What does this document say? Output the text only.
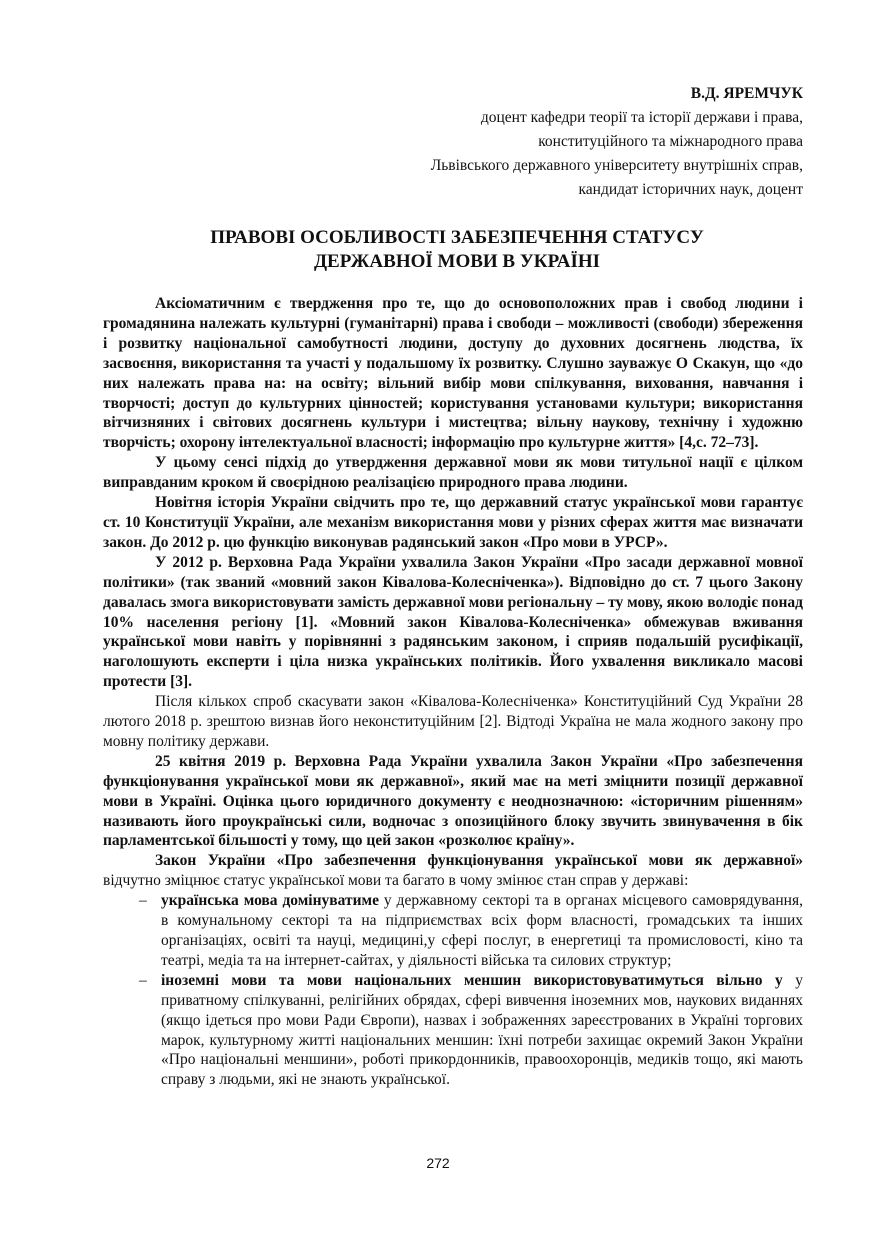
В.Д. ЯРЕМЧУК
доцент кафедри теорії та історії держави і права,
конституційного та міжнародного права
Львівського державного університету внутрішніх справ,
кандидат історичних наук, доцент
ПРАВОВІ ОСОБЛИВОСТІ ЗАБЕЗПЕЧЕННЯ СТАТУСУ
ДЕРЖАВНОЇ МОВИ В УКРАЇНІ

Аксіоматичним є твердження про те, що до основоположних прав і свобод людини і громадянина належать культурні (гуманітарні) права і свободи – можливості (свободи) збереження і розвитку національної самобутності людини, доступу до духовних досягнень людства, їх засвоєння, використання та участі у подальшому їх розвитку. Слушно зауважує О Скакун, що «до них належать права на: на освіту; вільний вибір мови спілкування, виховання, навчання і творчості; доступ до культурних цінностей; користування установами культури; використання вітчизняних і світових досягнень культури і мистецтва; вільну наукову, технічну і художню творчість; охорону інтелектуальної власності; інформацію про культурне життя» [4,с. 72–73].

У цьому сенсі підхід до утвердження державної мови як мови титульної нації є цілком виправданим кроком й своєрідною реалізацією природного права людини.

Новітня історія України свідчить про те, що державний статус української мови гарантує ст. 10 Конституції України, але механізм використання мови у різних сферах життя має визначати закон. До 2012 р. цю функцію виконував радянський закон «Про мови в УРСР».

У 2012 р. Верховна Рада України ухвалила Закон України «Про засади державної мовної політики» (так званий «мовний закон Ківалова-Колесніченка»). Відповідно до ст. 7 цього Закону давалась змога використовувати замість державної мови регіональну – ту мову, якою володіє понад 10% населення регіону [1]. «Мовний закон Ківалова-Колесніченка» обмежував вживання української мови навіть у порівнянні з радянським законом, і сприяв подальшій русифікації, наголошують експерти і ціла низка українських політиків. Його ухвалення викликало масові протести [3].

Після кількох спроб скасувати закон «Ківалова-Колесніченка» Конституційний Суд України 28 лютого 2018 р. зрештою визнав його неконституційним [2]. Відтоді Україна не мала жодного закону про мовну політику держави.

25 квітня 2019 р. Верховна Рада України ухвалила Закон України «Про забезпечення функціонування української мови як державної», який має на меті зміцнити позиції державної мови в Україні. Оцінка цього юридичного документу є неоднозначною: «історичним рішенням» називають його проукраїнські сили, водночас з опозиційного блоку звучить звинувачення в бік парламентської більшості у тому, що цей закон «розколює країну».

Закон України «Про забезпечення функціонування української мови як державної» відчутно зміцнює статус української мови та багато в чому змінює стан справ у державі:

– українська мова домінуватиме у державному секторі та в органах місцевого самоврядування, в комунальному секторі та на підприємствах всіх форм власності, громадських та інших організаціях, освіті та науці, медицині,у сфері послуг, в енергетиці та промисловості, кіно та театрі, медіа та на інтернет-сайтах, у діяльності війська та силових структур;
– іноземні мови та мови національних меншин використовуватимуться вільно у у приватному спілкуванні, релігійних обрядах, сфері вивчення іноземних мов, наукових виданнях (якщо ідеться про мови Ради Європи), назвах і зображеннях зареєстрованих в Україні торгових марок, культурному житті національних меншин: їхні потреби захищає окремий Закон України «Про національні меншини», роботі прикордонників, правоохоронців, медиків тощо, які мають справу з людьми, які не знають української.
272
